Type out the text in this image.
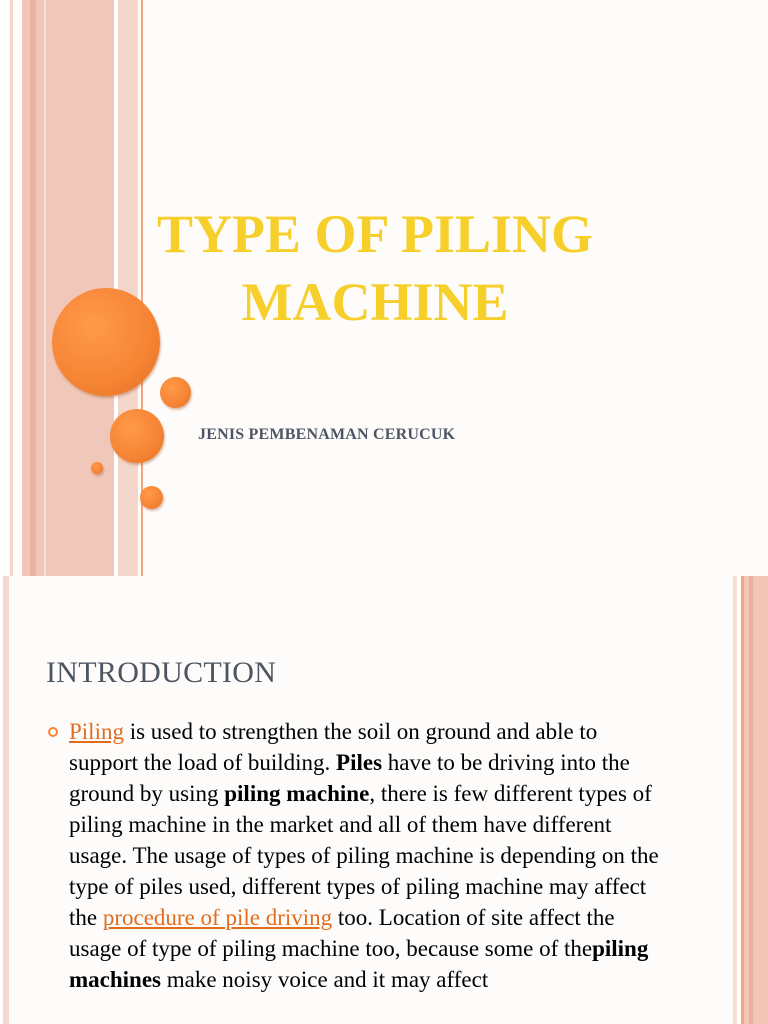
TYPE OF PILING
MACHINE
JENIS PEMBENAMAN CERUCUK
INTRODUCTION
Piling is used to strengthen the soil on ground and able to support the load of building. Piles have to be driving into the ground by using piling machine, there is few different types of piling machine in the market and all of them have different usage. The usage of types of piling machine is depending on the type of piles used, different types of piling machine may affect the procedure of pile driving too. Location of site affect the usage of type of piling machine too, because some of thepiling machines make noisy voice and it may affect
